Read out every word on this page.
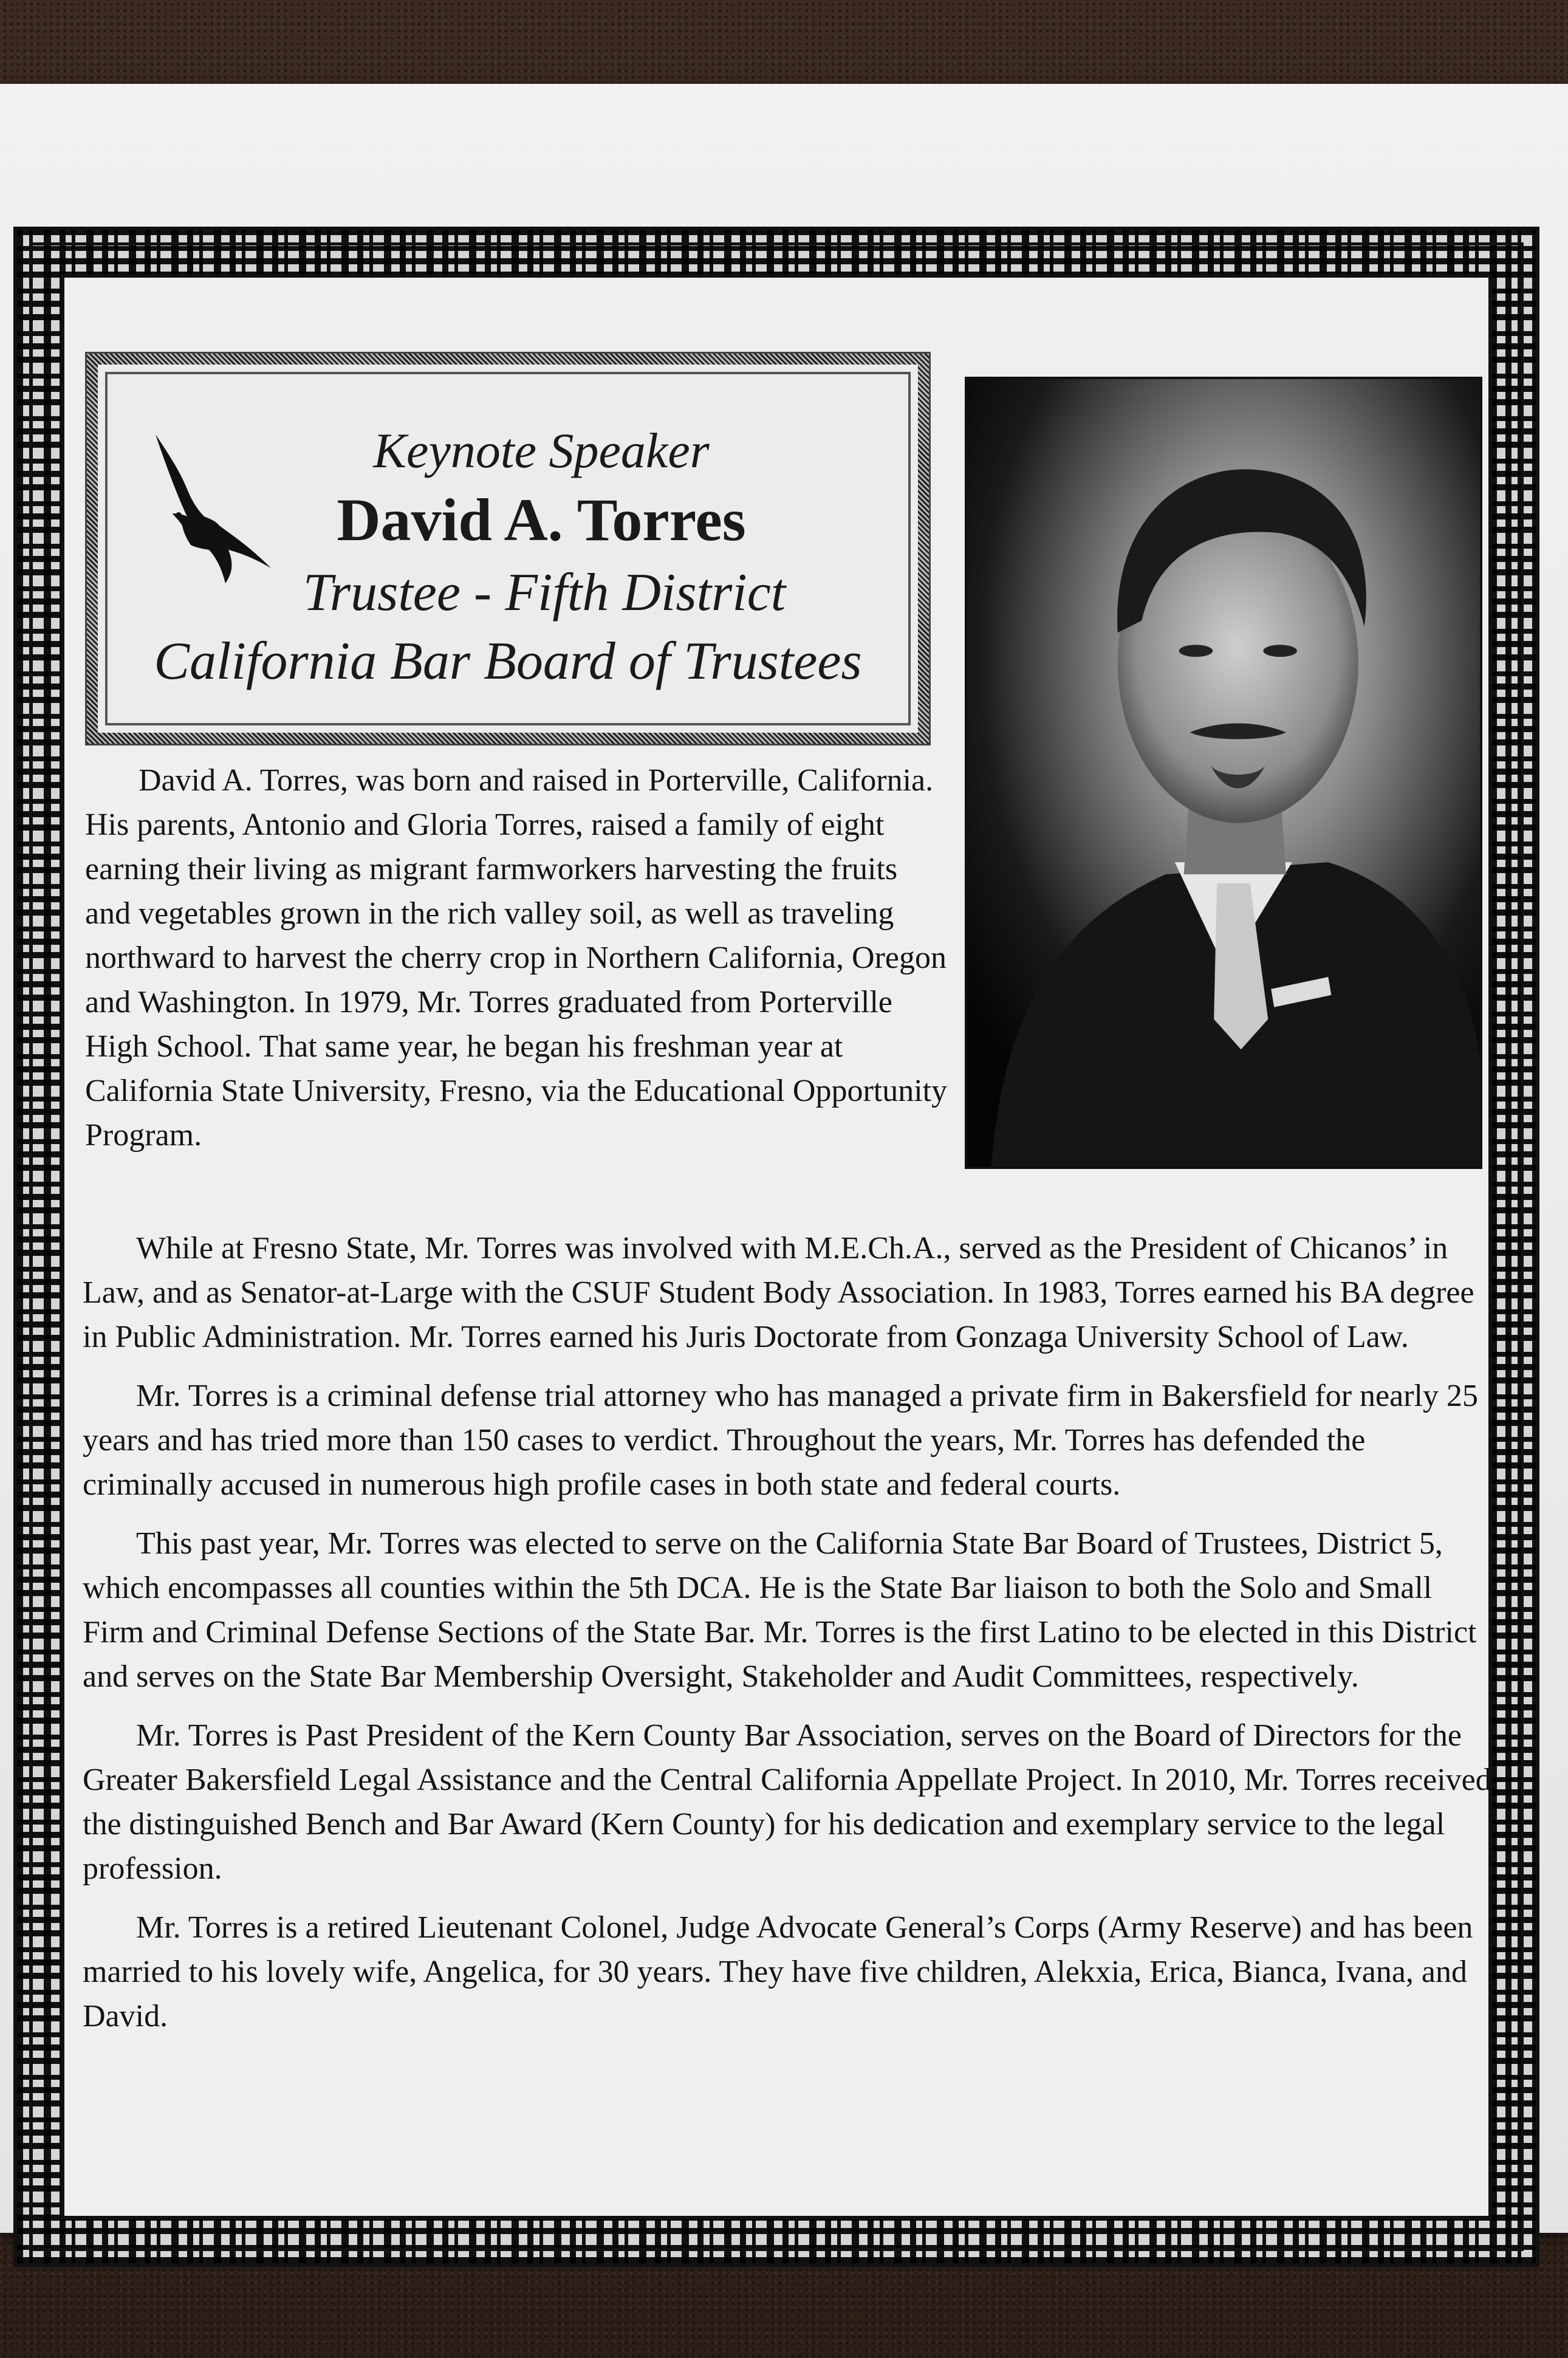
Keynote Speaker
David A. Torres
Trustee - Fifth District
California Bar Board of Trustees

David A. Torres, was born and raised in Porterville, California. His parents, Antonio and Gloria Torres, raised a family of eight earning their living as migrant farmworkers harvesting the fruits and vegetables grown in the rich valley soil, as well as traveling northward to harvest the cherry crop in Northern California, Oregon and Washington. In 1979, Mr. Torres graduated from Porterville High School. That same year, he began his freshman year at California State University, Fresno, via the Educational Opportunity Program.

While at Fresno State, Mr. Torres was involved with M.E.Ch.A., served as the President of Chicanos’ in Law, and as Senator-at-Large with the CSUF Student Body Association. In 1983, Torres earned his BA degree in Public Administration. Mr. Torres earned his Juris Doctorate from Gonzaga University School of Law.

Mr. Torres is a criminal defense trial attorney who has managed a private firm in Bakersfield for nearly 25 years and has tried more than 150 cases to verdict. Throughout the years, Mr. Torres has defended the criminally accused in numerous high profile cases in both state and federal courts.

This past year, Mr. Torres was elected to serve on the California State Bar Board of Trustees, District 5, which encompasses all counties within the 5th DCA. He is the State Bar liaison to both the Solo and Small Firm and Criminal Defense Sections of the State Bar. Mr. Torres is the first Latino to be elected in this District and serves on the State Bar Membership Oversight, Stakeholder and Audit Committees, respectively.

Mr. Torres is Past President of the Kern County Bar Association, serves on the Board of Directors for the Greater Bakersfield Legal Assistance and the Central California Appellate Project. In 2010, Mr. Torres received the distinguished Bench and Bar Award (Kern County) for his dedication and exemplary service to the legal profession.

Mr. Torres is a retired Lieutenant Colonel, Judge Advocate General’s Corps (Army Reserve) and has been married to his lovely wife, Angelica, for 30 years. They have five children, Alekxia, Erica, Bianca, Ivana, and David.
